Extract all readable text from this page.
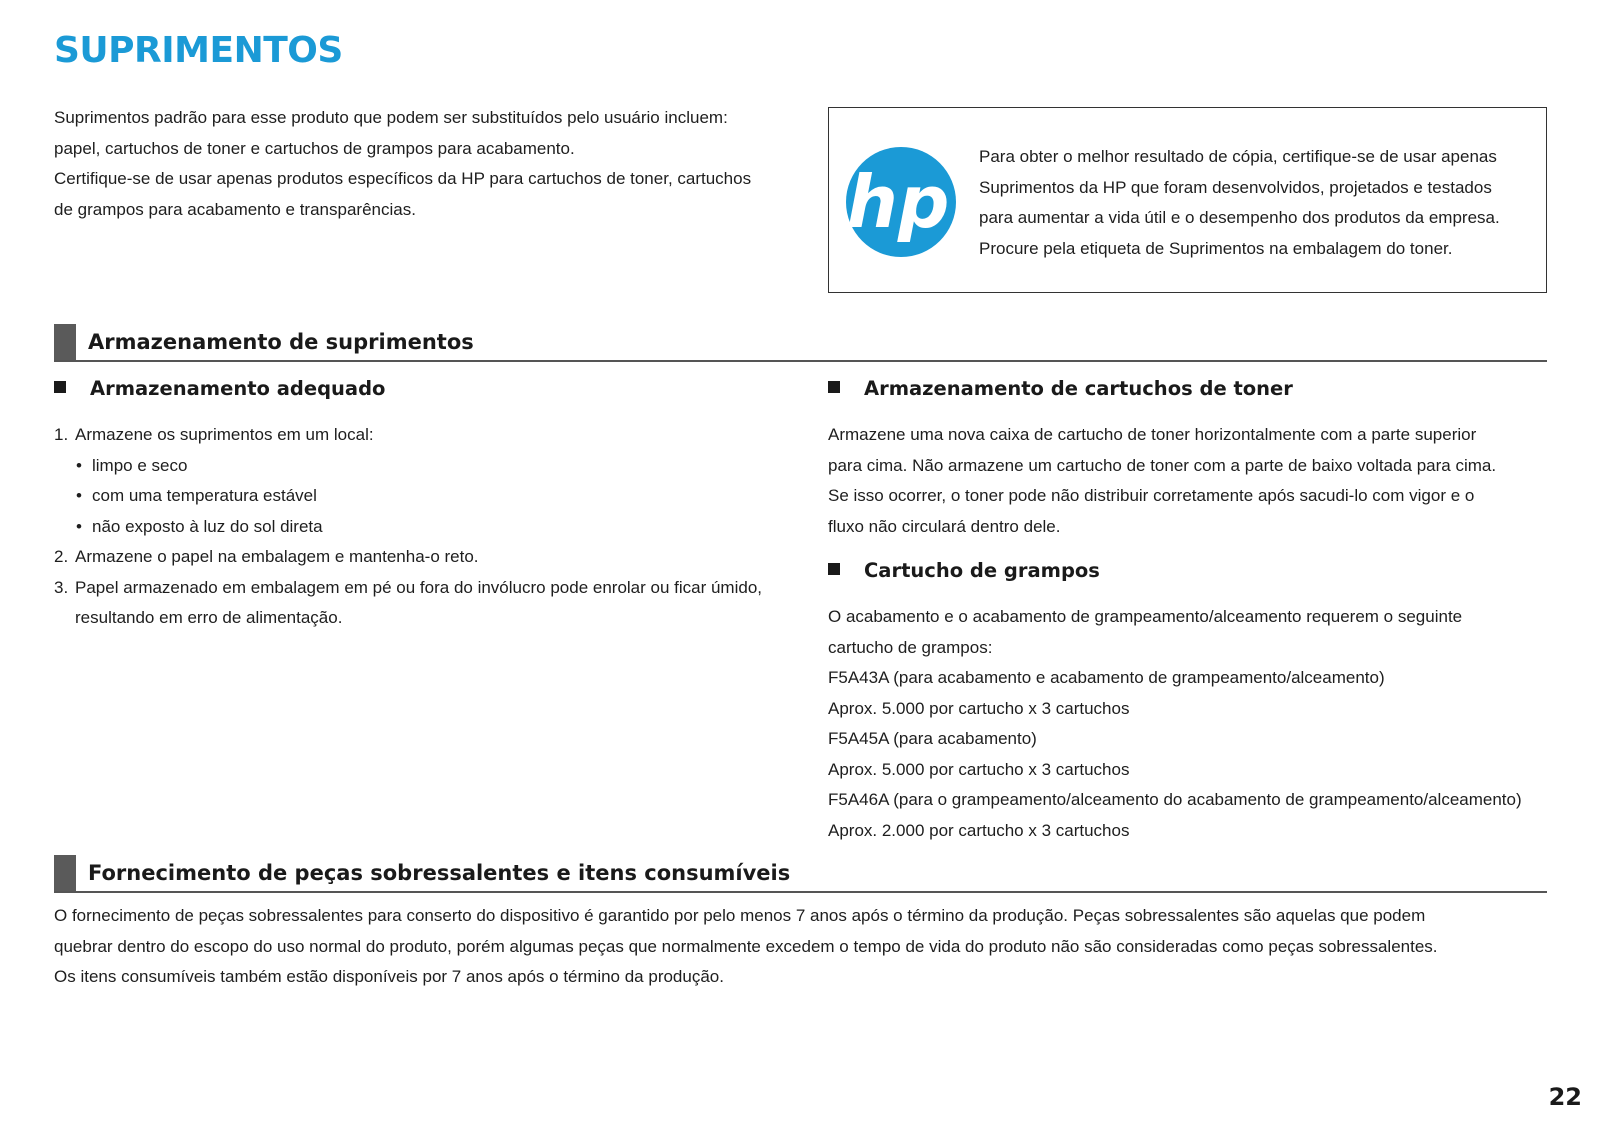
SUPRIMENTOS

Suprimentos padrão para esse produto que podem ser substituídos pelo usuário incluem:

papel, cartuchos de toner e cartuchos de grampos para acabamento.

Certifique-se de usar apenas produtos específicos da HP para cartuchos de toner, cartuchos

de grampos para acabamento e transparências.	hp

Para obter o melhor resultado de cópia, certifique-se de usar apenas

Suprimentos da HP que foram desenvolvidos, projetados e testados

para aumentar a vida útil e o desempenho dos produtos da empresa.

Procure pela etiqueta de Suprimentos na embalagem do toner.

Armazenamento de suprimentos
Armazenamento adequado
1. Armazene os suprimentos em um local:
• limpo e seco
• com uma temperatura estável
• não exposto à luz do sol direta
2. Armazene o papel na embalagem e mantenha-o reto.
3. Papel armazenado em embalagem em pé ou fora do invólucro pode enrolar ou ficar úmido,
resultando em erro de alimentação.
Armazenamento de cartuchos de toner

Armazene uma nova caixa de cartucho de toner horizontalmente com a parte superior

para cima. Não armazene um cartucho de toner com a parte de baixo voltada para cima.

Se isso ocorrer, o toner pode não distribuir corretamente após sacudi-lo com vigor e o

fluxo não circulará dentro dele.

Cartucho de grampos

O acabamento e o acabamento de grampeamento/alceamento requerem o seguinte

cartucho de grampos:

F5A43A (para acabamento e acabamento de grampeamento/alceamento)

Aprox. 5.000 por cartucho x 3 cartuchos

F5A45A (para acabamento)

Aprox. 5.000 por cartucho x 3 cartuchos

F5A46A (para o grampeamento/alceamento do acabamento de grampeamento/alceamento)

Aprox. 2.000 por cartucho x 3 cartuchos

Fornecimento de peças sobressalentes e itens consumíveis

O fornecimento de peças sobressalentes para conserto do dispositivo é garantido por pelo menos 7 anos após o término da produção. Peças sobressalentes são aquelas que podem

quebrar dentro do escopo do uso normal do produto, porém algumas peças que normalmente excedem o tempo de vida do produto não são consideradas como peças sobressalentes.

Os itens consumíveis também estão disponíveis por 7 anos após o término da produção.

22
